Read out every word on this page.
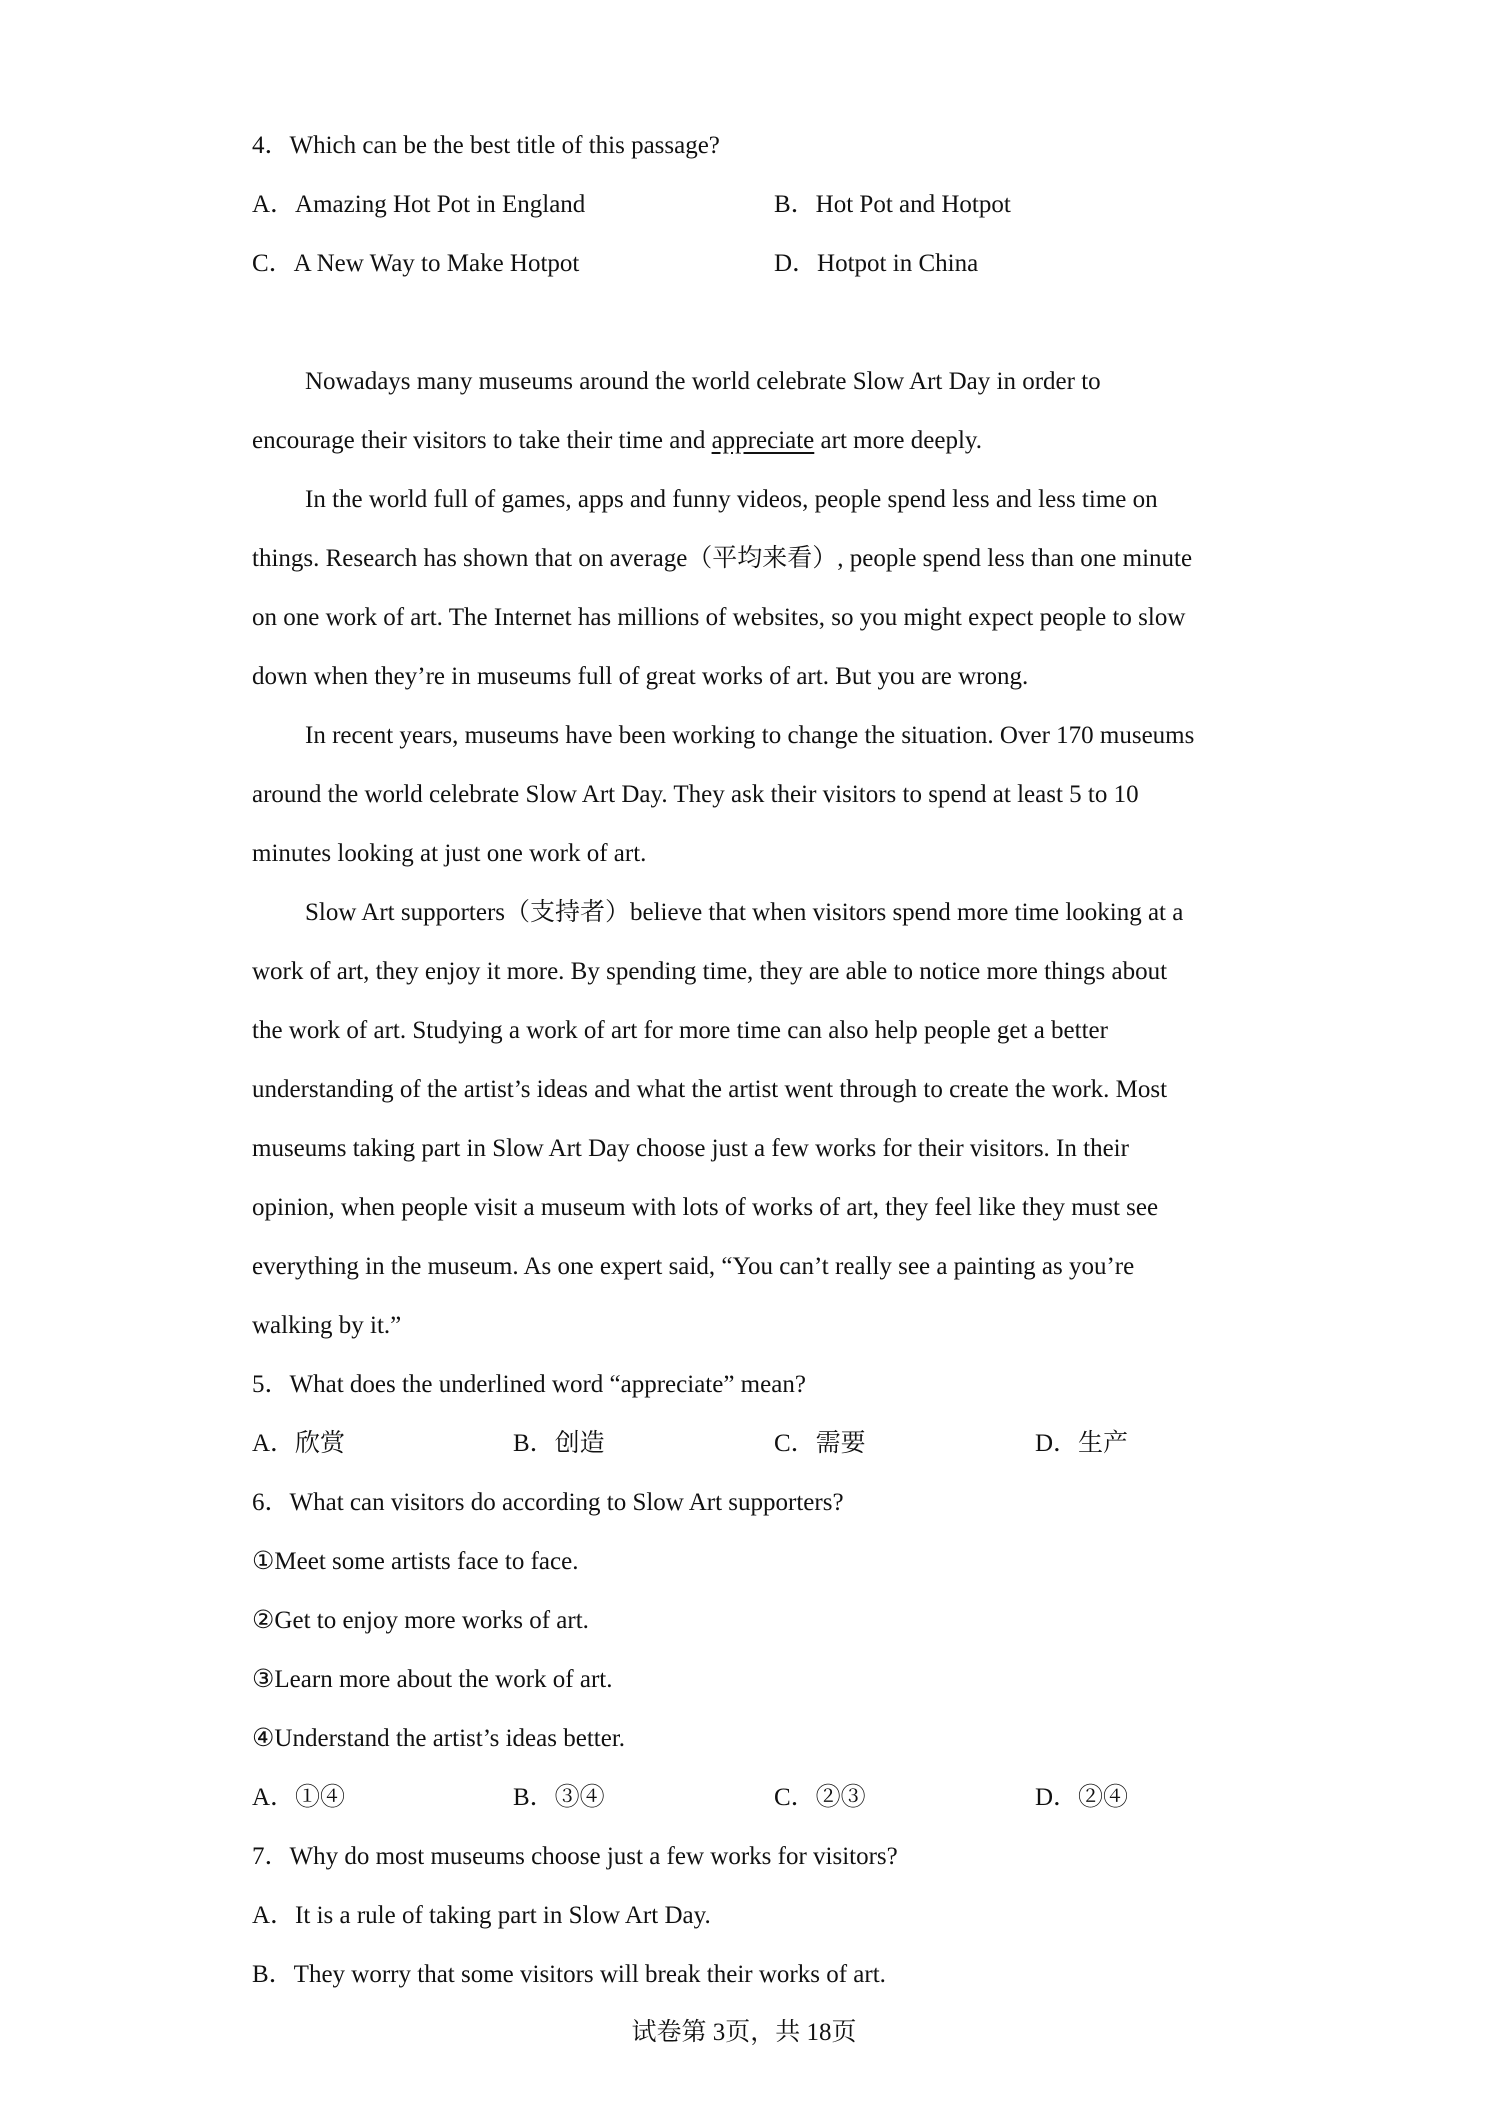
4．Which can be the best title of this passage?
A．Amazing Hot Pot in England	B．Hot Pot and Hotpot
C．A New Way to Make Hotpot	D．Hotpot in China
Nowadays many museums around the world celebrate Slow Art Day in order to
encourage their visitors to take their time and appreciate art more deeply.
In the world full of games, apps and funny videos, people spend less and less time on
things. Research has shown that on average（平均来看）, people spend less than one minute
on one work of art. The Internet has millions of websites, so you might expect people to slow
down when they’re in museums full of great works of art. But you are wrong.
In recent years, museums have been working to change the situation. Over 170 museums
around the world celebrate Slow Art Day. They ask their visitors to spend at least 5 to 10
minutes looking at just one work of art.
Slow Art supporters（支持者）believe that when visitors spend more time looking at a
work of art, they enjoy it more. By spending time, they are able to notice more things about
the work of art. Studying a work of art for more time can also help people get a better
understanding of the artist’s ideas and what the artist went through to create the work. Most
museums taking part in Slow Art Day choose just a few works for their visitors. In their
opinion, when people visit a museum with lots of works of art, they feel like they must see
everything in the museum. As one expert said, “You can’t really see a painting as you’re
walking by it.”
5．What does the underlined word “appreciate” mean?
A．欣赏	B．创造	C．需要	D．生产
6．What can visitors do according to Slow Art supporters?
①Meet some artists face to face.
②Get to enjoy more works of art.
③Learn more about the work of art.
④Understand the artist’s ideas better.
A．①④	B．③④	C．②③	D．②④
7．Why do most museums choose just a few works for visitors?
A．It is a rule of taking part in Slow Art Day.
B．They worry that some visitors will break their works of art.
试卷第 3页，共 18页
